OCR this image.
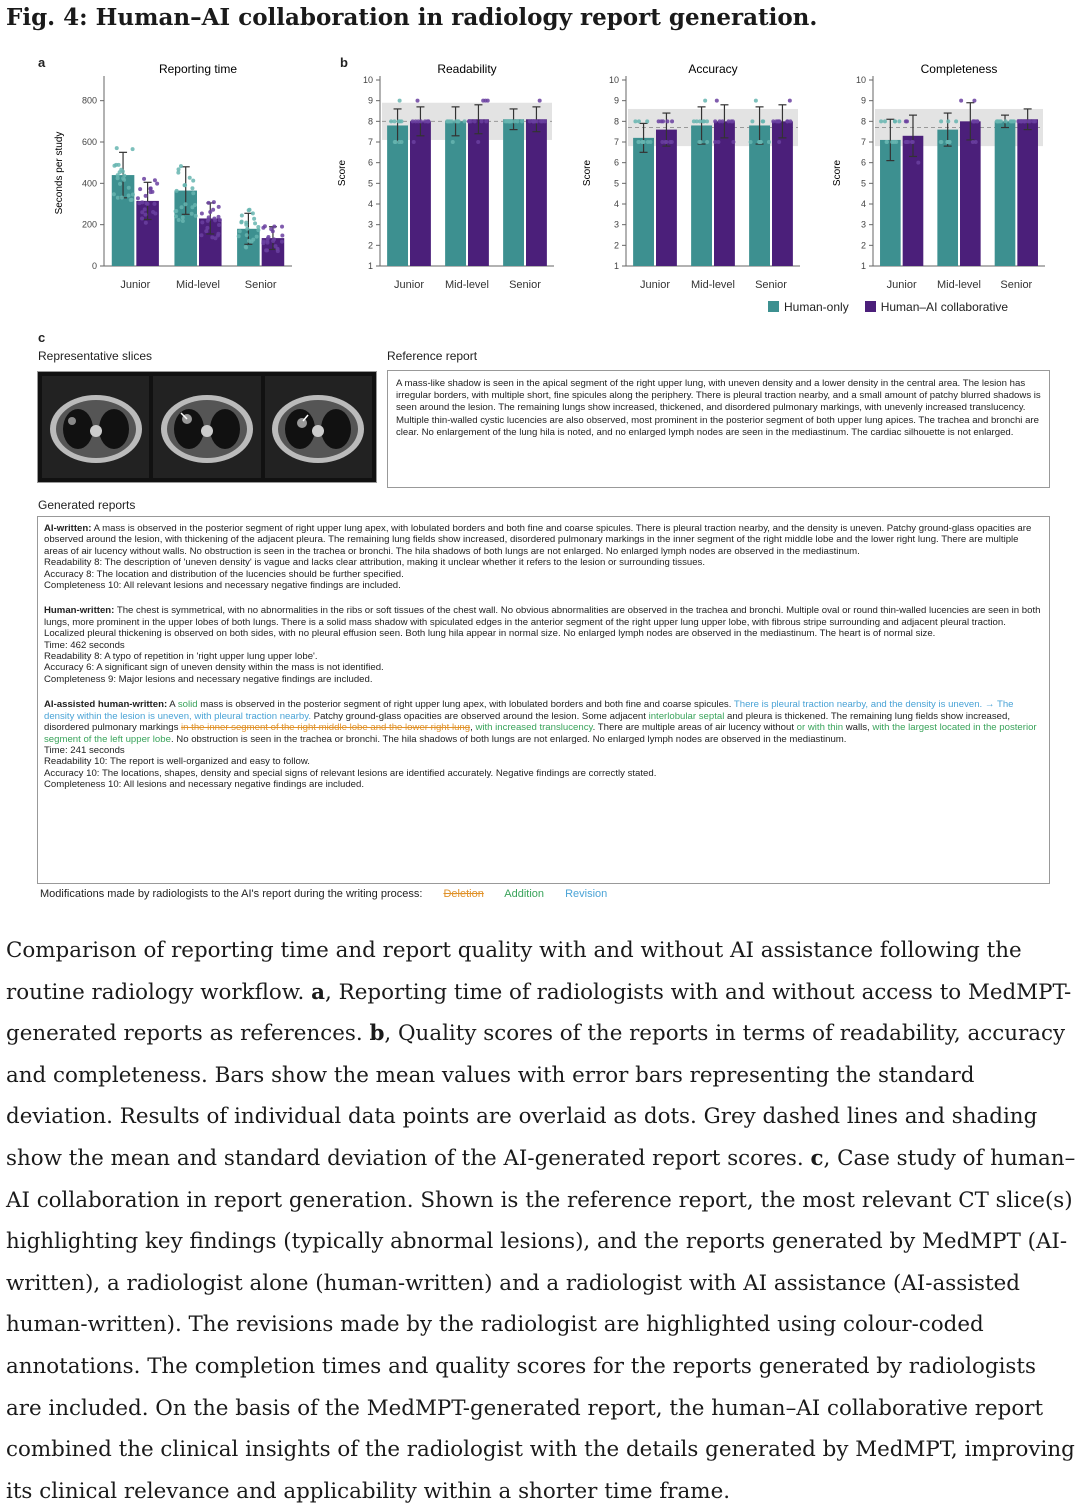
Fig. 4: Human–AI collaboration in radiology report generation.
a	b
Reporting time
Seconds per study
0
200
400
600
800
Junior Mid-level Senior
Readability
Score
1
2
3
4
5
6
7
8
9
10
Junior Mid-level Senior
Accuracy
Score
1
2
3
4
5
6
7
8
9
10
Junior Mid-level Senior
Completeness
Score
1
2
3
4
5
6
7
8
9
10
Junior Mid-level Senior
Human-only	Human–AI collaborative
c
Representative slices	Reference report
A mass-like shadow is seen in the apical segment of the right upper lung, with uneven density and a lower density in the central area. The lesion has irregular borders, with multiple short, fine spicules along the periphery. There is pleural traction nearby, and a small amount of patchy blurred shadows is seen around the lesion. The remaining lungs show increased, thickened, and disordered pulmonary markings, with unevenly increased translucency. Multiple thin-walled cystic lucencies are also observed, most prominent in the posterior segment of both upper lung apices. The trachea and bronchi are clear. No enlargement of the lung hila is noted, and no enlarged lymph nodes are seen in the mediastinum. The cardiac silhouette is not enlarged.
Generated reports

AI-written: A mass is observed in the posterior segment of right upper lung apex, with lobulated borders and both fine and coarse spicules. There is pleural traction nearby, and the density is uneven. Patchy ground-glass opacities are observed around the lesion, with thickening of the adjacent pleura. The remaining lung fields show increased, disordered pulmonary markings in the inner segment of the right middle lobe and the lower right lung. There are multiple areas of air lucency without walls. No obstruction is seen in the trachea or bronchi. The hila shadows of both lungs are not enlarged. No enlarged lymph nodes are observed in the mediastinum.
Readability 8: The description of 'uneven density' is vague and lacks clear attribution, making it unclear whether it refers to the lesion or surrounding tissues.
Accuracy 8: The location and distribution of the lucencies should be further specified.
Completeness 10: All relevant lesions and necessary negative findings are included.

Human-written: The chest is symmetrical, with no abnormalities in the ribs or soft tissues of the chest wall. No obvious abnormalities are observed in the trachea and bronchi. Multiple oval or round thin-walled lucencies are seen in both lungs, more prominent in the upper lobes of both lungs. There is a solid mass shadow with spiculated edges in the anterior segment of the right upper lung upper lobe, with fibrous stripe surrounding and adjacent pleural traction. Localized pleural thickening is observed on both sides, with no pleural effusion seen. Both lung hila appear in normal size. No enlarged lymph nodes are observed in the mediastinum. The heart is of normal size.
Time: 462 seconds
Readability 8: A typo of repetition in 'right upper lung upper lobe'.
Accuracy 6: A significant sign of uneven density within the mass is not identified.
Completeness 9: Major lesions and necessary negative findings are included.

AI-assisted human-written: A solid mass is observed in the posterior segment of right upper lung apex, with lobulated borders and both fine and coarse spicules. There is pleural traction nearby, and the density is uneven. → The density within the lesion is uneven, with pleural traction nearby. Patchy ground-glass opacities are observed around the lesion. Some adjacent interlobular septal and pleura is thickened. The remaining lung fields show increased, disordered pulmonary markings in the inner segment of the right middle lobe and the lower right lung, with increased translucency. There are multiple areas of air lucency without or with thin walls, with the largest located in the posterior segment of the left upper lobe. No obstruction is seen in the trachea or bronchi. The hila shadows of both lungs are not enlarged. No enlarged lymph nodes are observed in the mediastinum.
Time: 241 seconds
Readability 10: The report is well-organized and easy to follow.
Accuracy 10: The locations, shapes, density and special signs of relevant lesions are identified accurately. Negative findings are correctly stated.
Completeness 10: All lesions and necessary negative findings are included.

Modifications made by radiologists to the AI's report during the writing process: Deletion Addition Revision
Comparison of reporting time and report quality with and without AI assistance following the routine radiology workflow. a, Reporting time of radiologists with and without access to MedMPT-generated reports as references. b, Quality scores of the reports in terms of readability, accuracy and completeness. Bars show the mean values with error bars representing the standard deviation. Results of individual data points are overlaid as dots. Grey dashed lines and shading show the mean and standard deviation of the AI-generated report scores. c, Case study of human–AI collaboration in report generation. Shown is the reference report, the most relevant CT slice(s) highlighting key findings (typically abnormal lesions), and the reports generated by MedMPT (AI-written), a radiologist alone (human-written) and a radiologist with AI assistance (AI-assisted human-written). The revisions made by the radiologist are highlighted using colour-coded annotations. The completion times and quality scores for the reports generated by radiologists are included. On the basis of the MedMPT-generated report, the human–AI collaborative report combined the clinical insights of the radiologist with the details generated by MedMPT, improving its clinical relevance and applicability within a shorter time frame.
